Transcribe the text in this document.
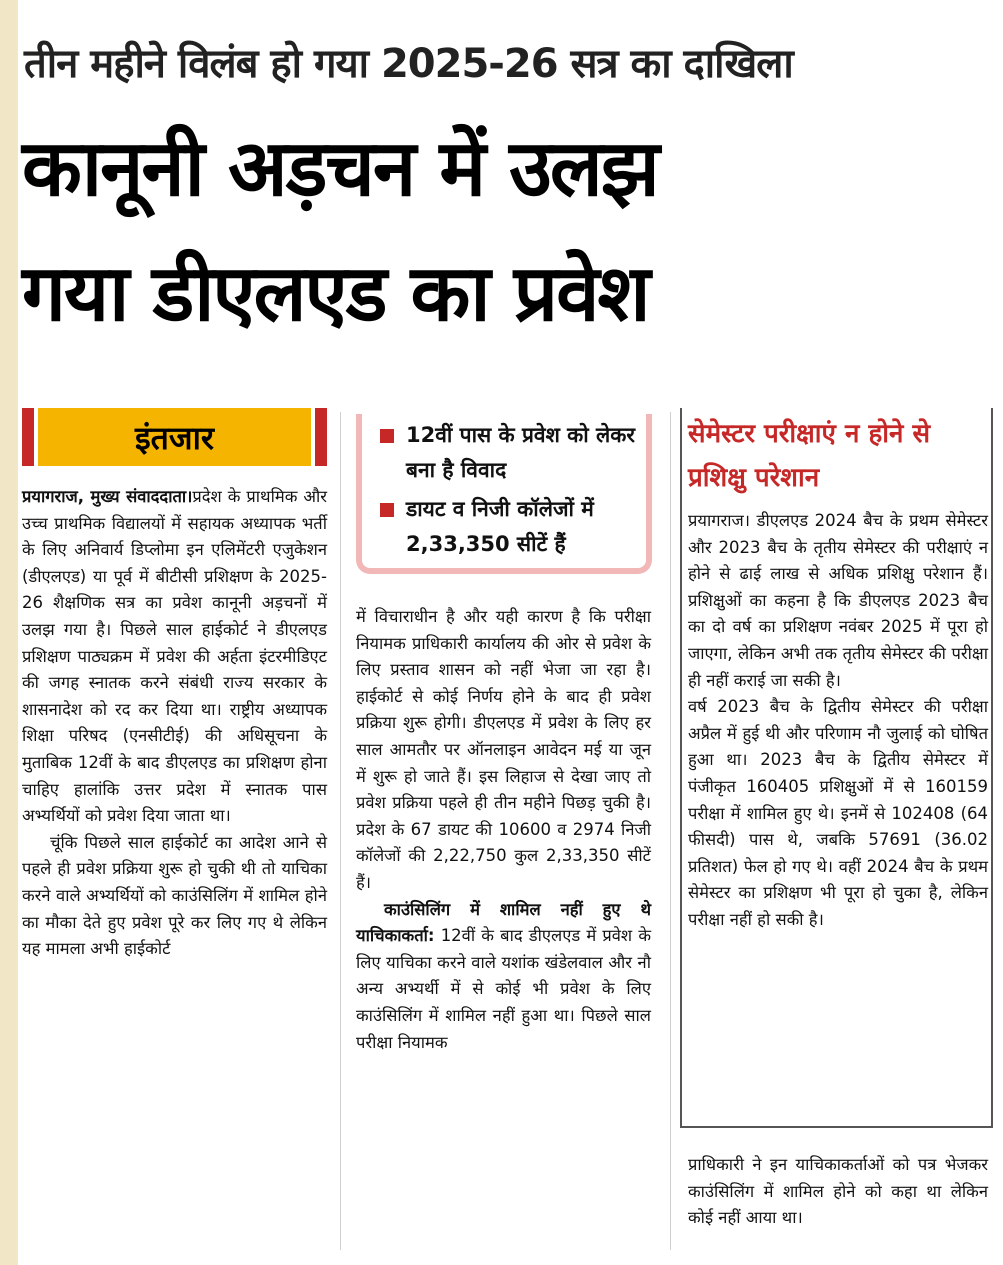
तीन महीने विलंब हो गया 2025-26 सत्र का दाखिला
कानूनी अड़चन में उलझ
गया डीएलएड का प्रवेश
इंतजार

प्रयागराज, मुख्य संवाददाता।प्रदेश के प्राथमिक और उच्च प्राथमिक विद्यालयों में सहायक अध्यापक भर्ती के लिए अनिवार्य डिप्लोमा इन एलिमेंटरी एजुकेशन (डीएलएड) या पूर्व में बीटीसी प्रशिक्षण के 2025-26 शैक्षणिक सत्र का प्रवेश कानूनी अड़चनों में उलझ गया है। पिछले साल हाईकोर्ट ने डीएलएड प्रशिक्षण पाठ्यक्रम में प्रवेश की अर्हता इंटरमीडिएट की जगह स्नातक करने संबंधी राज्य सरकार के शासनादेश को रद कर दिया था। राष्ट्रीय अध्यापक शिक्षा परिषद (एनसीटीई) की अधिसूचना के मुताबिक 12वीं के बाद डीएलएड का प्रशिक्षण होना चाहिए हालांकि उत्तर प्रदेश में स्नातक पास अभ्यर्थियों को प्रवेश दिया जाता था।

चूंकि पिछले साल हाईकोर्ट का आदेश आने से पहले ही प्रवेश प्रक्रिया शुरू हो चुकी थी तो याचिका करने वाले अभ्यर्थियों को काउंसिलिंग में शामिल होने का मौका देते हुए प्रवेश पूरे कर लिए गए थे लेकिन यह मामला अभी हाईकोर्ट

12वीं पास के प्रवेश को लेकर बना है विवाद
डायट व निजी कॉलेजों में 2,33,350 सीटें हैं

में विचाराधीन है और यही कारण है कि परीक्षा नियामक प्राधिकारी कार्यालय की ओर से प्रवेश के लिए प्रस्ताव शासन को नहीं भेजा जा रहा है। हाईकोर्ट से कोई निर्णय होने के बाद ही प्रवेश प्रक्रिया शुरू होगी। डीएलएड में प्रवेश के लिए हर साल आमतौर पर ऑनलाइन आवेदन मई या जून में शुरू हो जाते हैं। इस लिहाज से देखा जाए तो प्रवेश प्रक्रिया पहले ही तीन महीने पिछड़ चुकी है। प्रदेश के 67 डायट की 10600 व 2974 निजी कॉलेजों की 2,22,750 कुल 2,33,350 सीटें हैं।

काउंसिलिंग में शामिल नहीं हुए थे याचिकाकर्ता: 12वीं के बाद डीएलएड में प्रवेश के लिए याचिका करने वाले यशांक खंडेलवाल और नौ अन्य अभ्यर्थी में से कोई भी प्रवेश के लिए काउंसिलिंग में शामिल नहीं हुआ था। पिछले साल परीक्षा नियामक

सेमेस्टर परीक्षाएं न होने से प्रशिक्षु परेशान

प्रयागराज। डीएलएड 2024 बैच के प्रथम सेमेस्टर और 2023 बैच के तृतीय सेमेस्टर की परीक्षाएं न होने से ढाई लाख से अधिक प्रशिक्षु परेशान हैं। प्रशिक्षुओं का कहना है कि डीएलएड 2023 बैच का दो वर्ष का प्रशिक्षण नवंबर 2025 में पूरा हो जाएगा, लेकिन अभी तक तृतीय सेमेस्टर की परीक्षा ही नहीं कराई जा सकी है।

वर्ष 2023 बैच के द्वितीय सेमेस्टर की परीक्षा अप्रैल में हुई थी और परिणाम नौ जुलाई को घोषित हुआ था। 2023 बैच के द्वितीय सेमेस्टर में पंजीकृत 160405 प्रशिक्षुओं में से 160159 परीक्षा में शामिल हुए थे। इनमें से 102408 (64 फीसदी) पास थे, जबकि 57691 (36.02 प्रतिशत) फेल हो गए थे। वहीं 2024 बैच के प्रथम सेमेस्टर का प्रशिक्षण भी पूरा हो चुका है, लेकिन परीक्षा नहीं हो सकी है।

प्राधिकारी ने इन याचिकाकर्ताओं को पत्र भेजकर काउंसिलिंग में शामिल होने को कहा था लेकिन कोई नहीं आया था।
